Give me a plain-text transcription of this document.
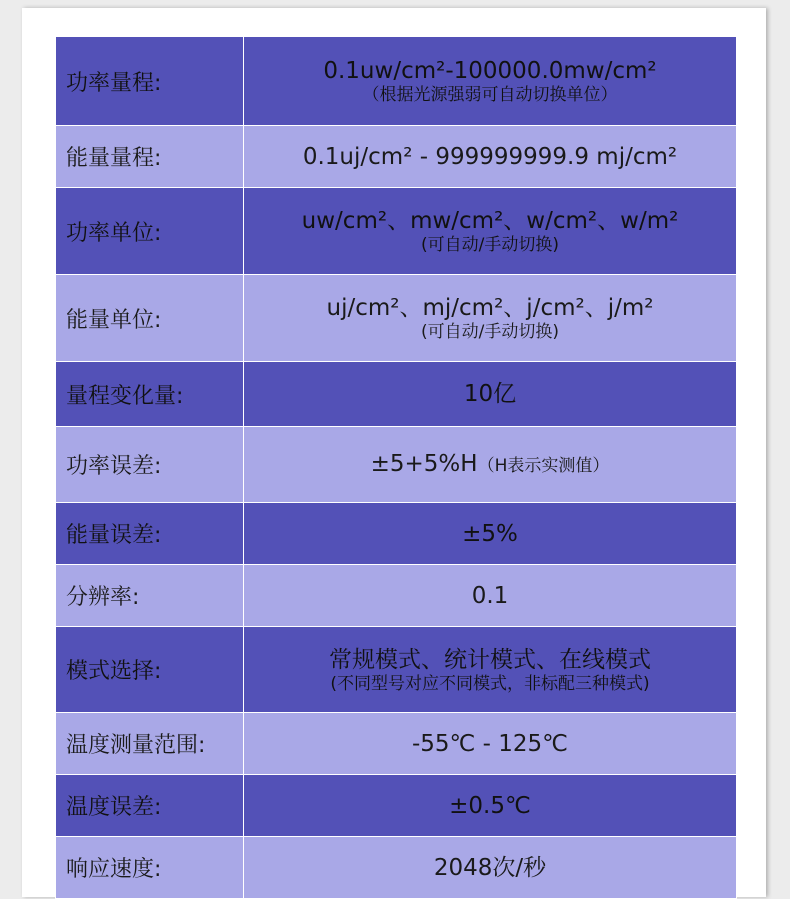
功率量程:	0.1uw/cm²-100000.0mw/cm²
（根据光源强弱可自动切换单位）

能量量程:	0.1uj/cm² - 999999999.9 mj/cm²

功率单位:	uw/cm²、mw/cm²、w/cm²、w/m²
(可自动/手动切换)

能量单位:	uj/cm²、mj/cm²、j/cm²、j/m²
(可自动/手动切换)

量程变化量:	10亿

功率误差:	±5+5%H（H表示实测值）

能量误差:	±5%

分辨率:	0.1

模式选择:	常规模式、统计模式、在线模式
(不同型号对应不同模式，非标配三种模式)

温度测量范围:	-55℃ - 125℃

温度误差:	±0.5℃

响应速度:	2048次/秒
